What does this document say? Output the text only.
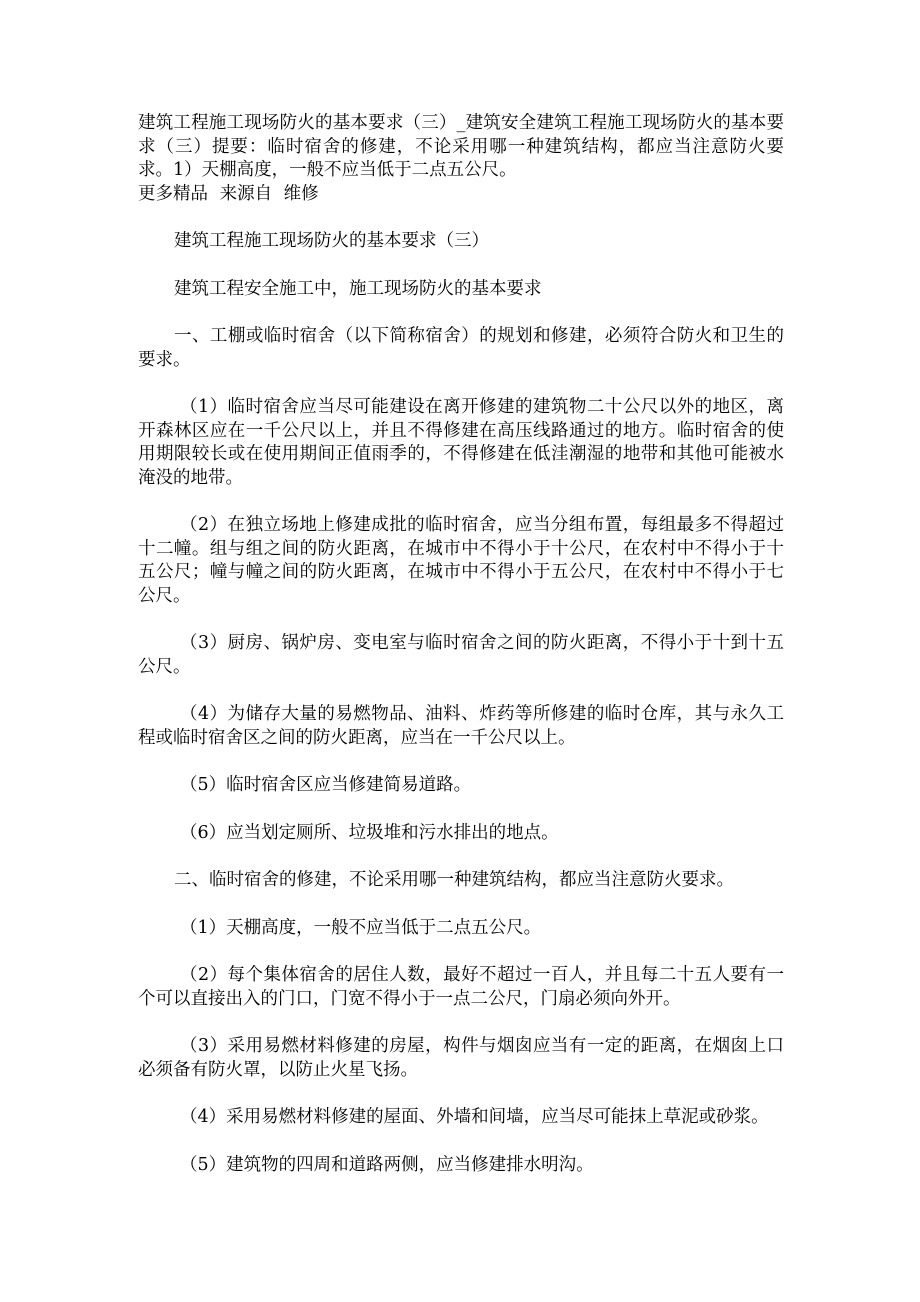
建筑工程施工现场防火的基本要求（三）_建筑安全建筑工程施工现场防火的基本要求（三）提要：临时宿舍的修建，不论采用哪一种建筑结构，都应当注意防火要求。1）天棚高度，一般不应当低于二点五公尺。

更多精品 来源自 维修

建筑工程施工现场防火的基本要求（三）

建筑工程安全施工中，施工现场防火的基本要求

一、工棚或临时宿舍（以下简称宿舍）的规划和修建，必须符合防火和卫生的要求。

（1）临时宿舍应当尽可能建设在离开修建的建筑物二十公尺以外的地区，离开森林区应在一千公尺以上，并且不得修建在高压线路通过的地方。临时宿舍的使用期限较长或在使用期间正值雨季的，不得修建在低洼潮湿的地带和其他可能被水淹没的地带。

（2）在独立场地上修建成批的临时宿舍，应当分组布置，每组最多不得超过十二幢。组与组之间的防火距离，在城市中不得小于十公尺，在农村中不得小于十五公尺；幢与幢之间的防火距离，在城市中不得小于五公尺，在农村中不得小于七公尺。

（3）厨房、锅炉房、变电室与临时宿舍之间的防火距离，不得小于十到十五公尺。

（4）为储存大量的易燃物品、油料、炸药等所修建的临时仓库，其与永久工程或临时宿舍区之间的防火距离，应当在一千公尺以上。

（5）临时宿舍区应当修建简易道路。

（6）应当划定厕所、垃圾堆和污水排出的地点。

二、临时宿舍的修建，不论采用哪一种建筑结构，都应当注意防火要求。

（1）天棚高度，一般不应当低于二点五公尺。

（2）每个集体宿舍的居住人数，最好不超过一百人，并且每二十五人要有一个可以直接出入的门口，门宽不得小于一点二公尺，门扇必须向外开。

（3）采用易燃材料修建的房屋，构件与烟囱应当有一定的距离，在烟囱上口必须备有防火罩，以防止火星飞扬。

（4）采用易燃材料修建的屋面、外墙和间墙，应当尽可能抹上草泥或砂浆。

（5）建筑物的四周和道路两侧，应当修建排水明沟。
